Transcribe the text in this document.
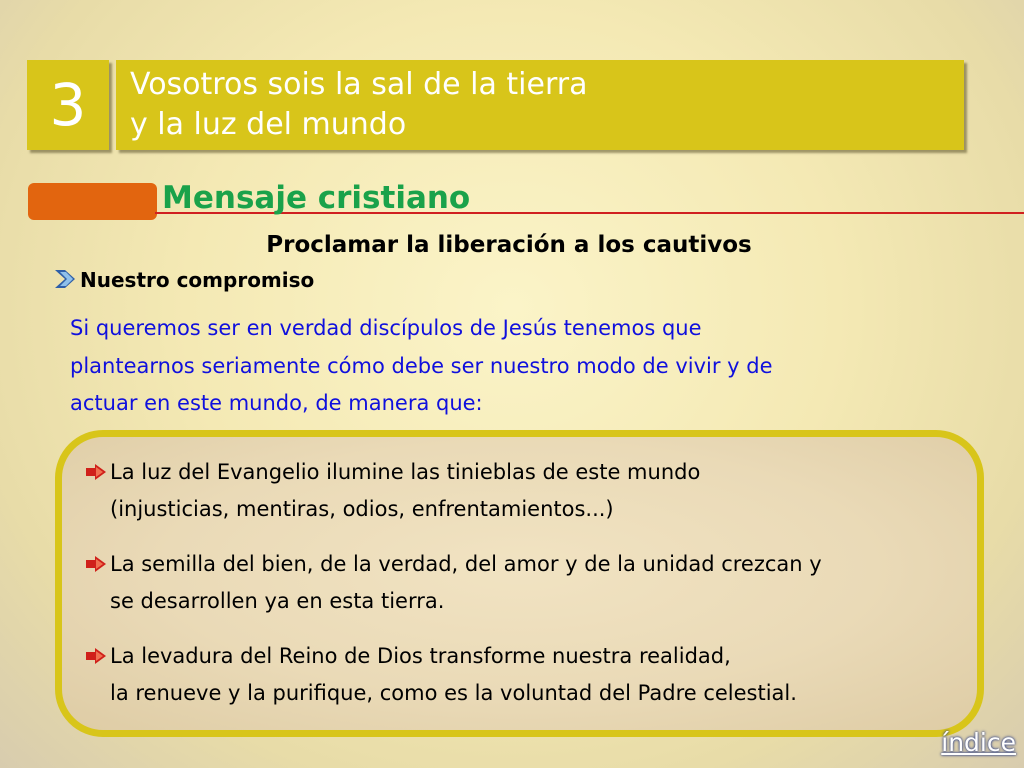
3	Vosotros sois la sal de la tierra
y la luz del mundo
Mensaje cristiano
Proclamar la liberación a los cautivos
Nuestro compromiso
Si queremos ser en verdad discípulos de Jesús tenemos que
plantearnos seriamente cómo debe ser nuestro modo de vivir y de
actuar en este mundo, de manera que:
La luz del Evangelio ilumine las tinieblas de este mundo
(injusticias, mentiras, odios, enfrentamientos...)
La semilla del bien, de la verdad, del amor y de la unidad crezcan y
se desarrollen ya en esta tierra.
La levadura del Reino de Dios transforme nuestra realidad,
la renueve y la purifique, como es la voluntad del Padre celestial.
índice
